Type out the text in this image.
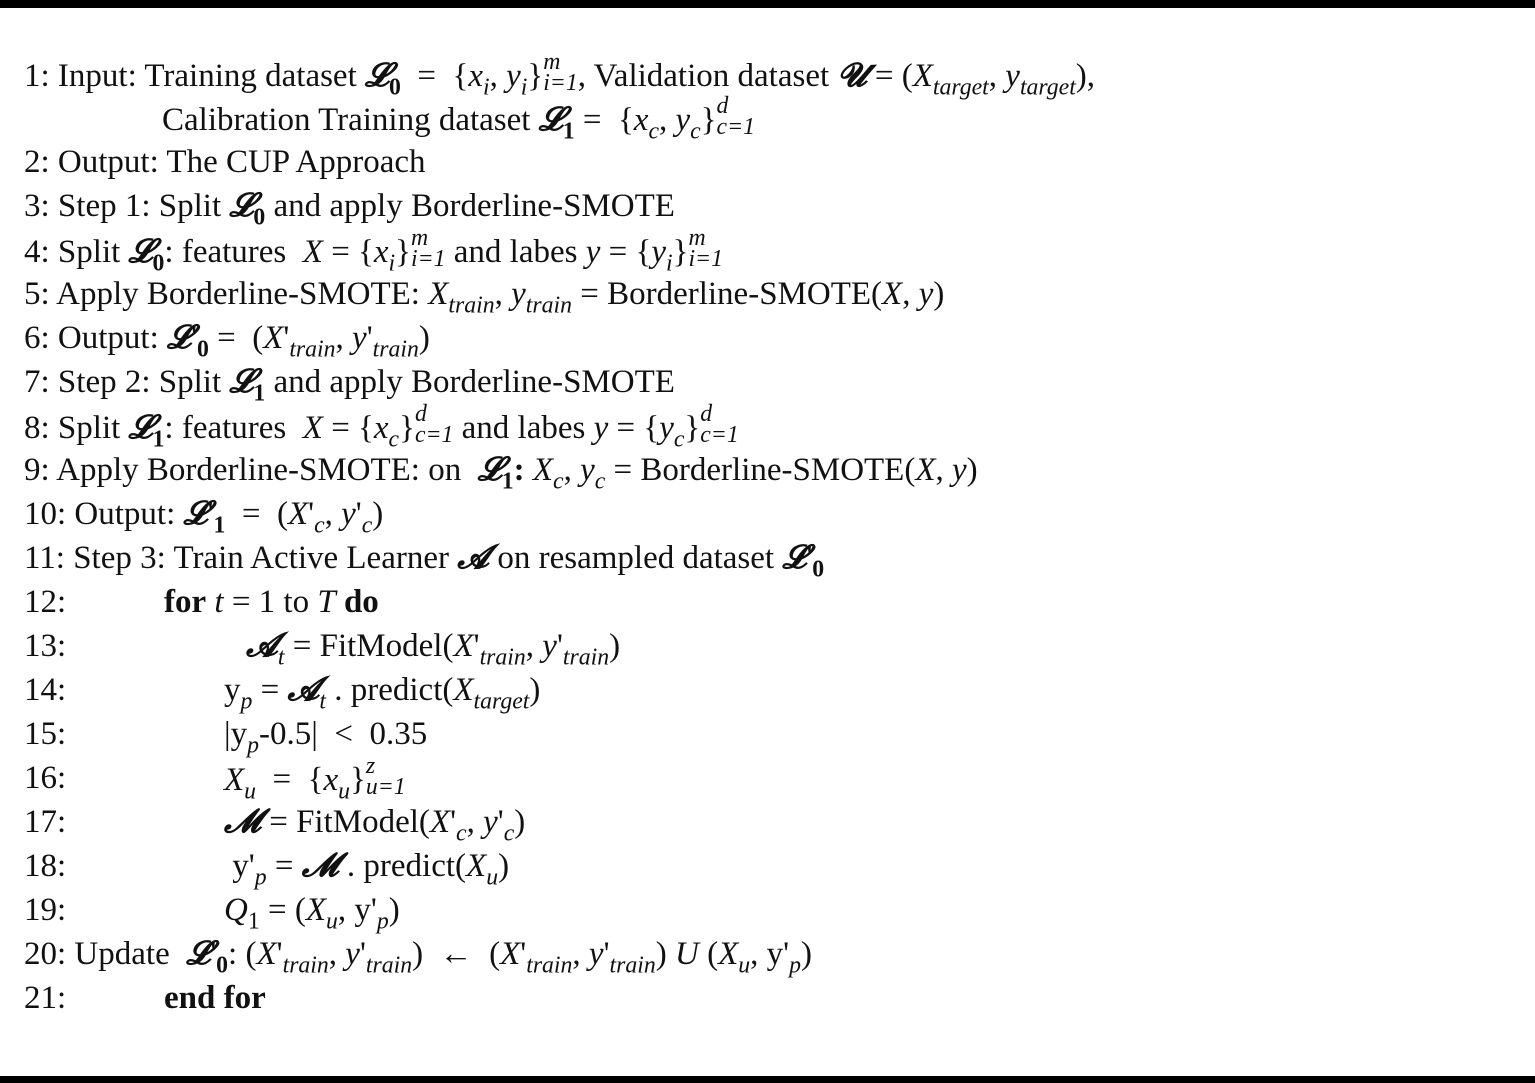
1: Input: Training dataset 𝓛$_0$  =  {$x_i$, $y_i$} m
i=1 , Validation dataset 𝓤 = ($X_{target}$, $y_{target}$),
Calibration Training dataset 𝓛$_1$ =  {$x_c$, $y_c$} d
c=1
2: Output: The CUP Approach
3: Step 1: Split 𝓛$_0$ and apply Borderline-SMOTE
4: Split 𝓛$_0$: features  $X = \{x_i\}$ m
i=1 and labes $y = \{y_i\}$ m
i=1
5: Apply Borderline-SMOTE: $X_{train}$, $y_{train}$ = Borderline-SMOTE(X, y)
6: Output: $𝓛'_0 = (X'_{train}$, $y'_{train}$)
7: Step 2: Split 𝓛$_1$ and apply Borderline-SMOTE
8: Split 𝓛$_1$: features  $X = \{x_c\}$ d
c=1 and labes $y = \{y_c\}$ d
c=1
9: Apply Borderline-SMOTE: on  𝓛$_1$: $X_c$, $y_c$ = Borderline-SMOTE(X, y)
10: Output: $𝓛'_1 = (X'_c$, $y'_c$)
11: Step 3: Train Active Learner 𝓐 on resampled dataset $𝓛'_0$
12:	for t = 1 to T do
13:	𝓐$_t$ = $FitModel(X'_{train}$, $y'_{train}$)
14:	$y_p$ = 𝓐$_t$ . $predict(X_{target})$
15:	$|y_p-0.5| < 0.35$
16:	$X_u = \{x_u\}$ z
u=1
17:	𝓜 = $FitModel(X'_c$, $y'_c$)
18:	$y'_p$ = 𝓜 . $predict(X_u)$
19:	$Q_1 = (X_u$, $y'_p$)
20: Update  $𝓛'_0$: ($X'_{train}$, $y'_{train}$)  ←  ($X'_{train}$, $y'_{train}$) U ($X_u$, $y'_p$)
21:	end for
